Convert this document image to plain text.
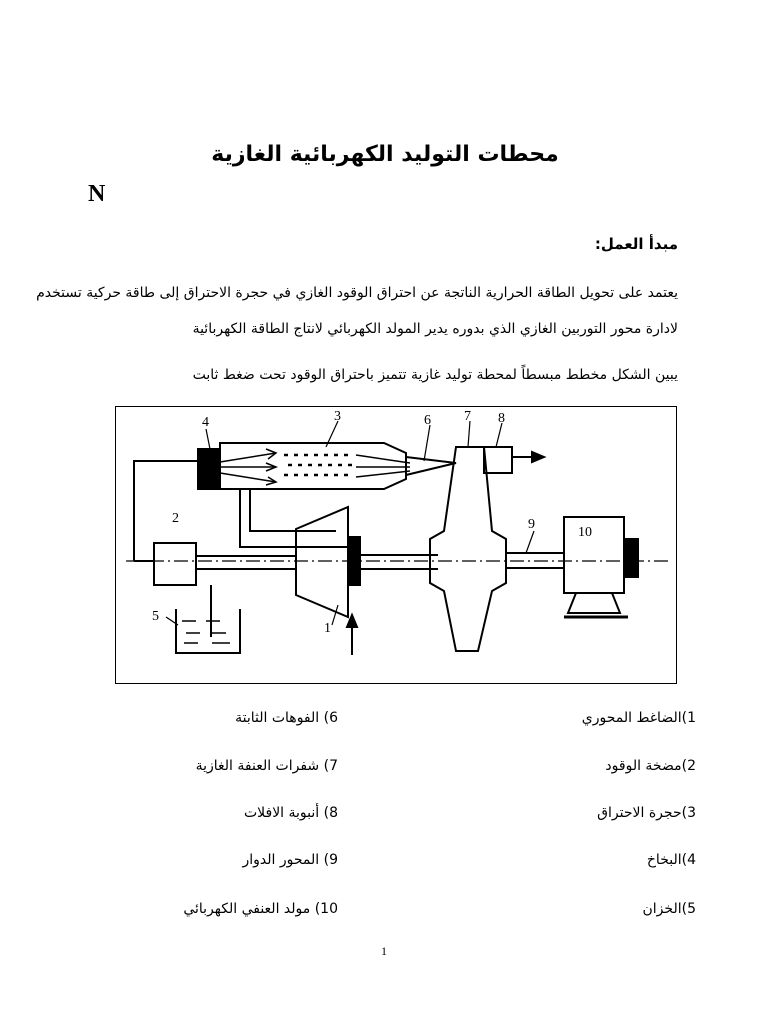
محطات التوليد الكهربائية الغازية
N
مبدأ العمل:
يعتمد على تحويل الطاقة الحرارية الناتجة عن احتراق الوقود الغازي في حجرة الاحتراق إلى طاقة حركية تستخدم
لادارة محور التوربين الغازي الذي بدوره يدير المولد الكهربائي لانتاج الطاقة الكهربائية
يبين الشكل مخطط مبسطاً لمحطة توليد غازية تتميز باحتراق الوقود تحت ضغط ثابت
1
2
3
4
5
6 7 8
9
10
1)الضاغط المحوري
2)مضخة الوقود
3)حجرة الاحتراق
4)البخاخ
5)الخزان
6) الفوهات الثابتة
7) شفرات العنفة الغازية
8) أنبوبة الافلات
9) المحور الدوار
10) مولد العنفي الكهربائي
1
